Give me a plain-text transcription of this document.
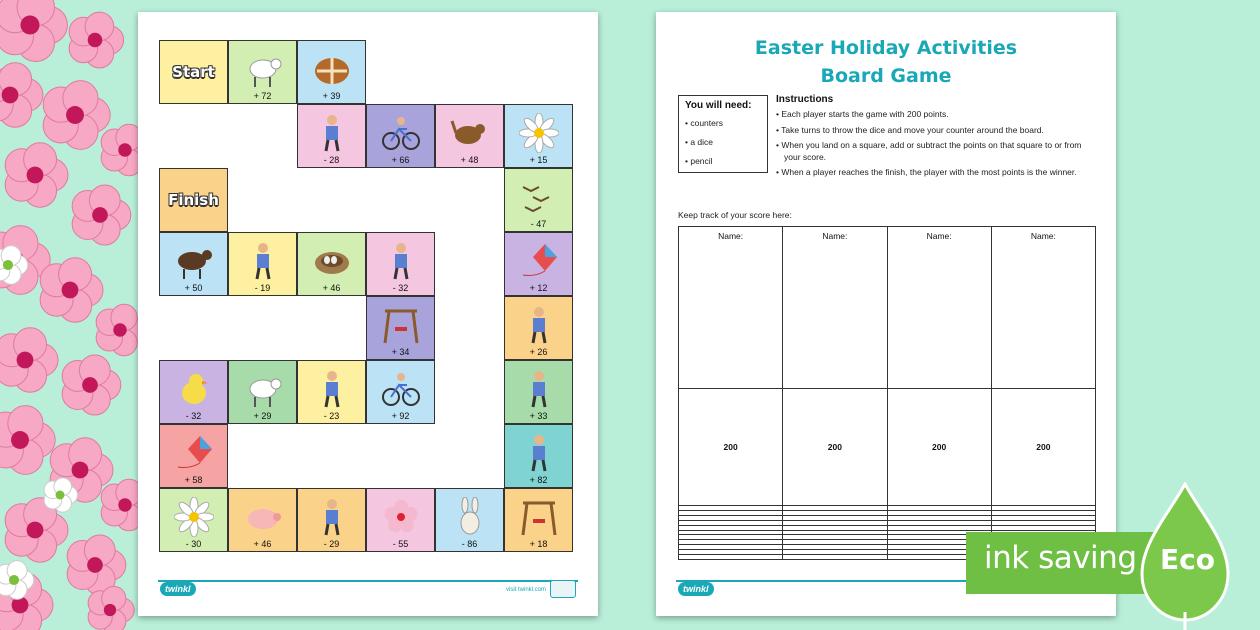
Start
Finish
+ 72	+ 39
- 28	+ 66	+ 48	+ 15
- 47
+ 12
+ 26
+ 33
+ 82
+ 18
- 86
- 55
- 29
+ 46
- 30
+ 58
- 32	+ 29	- 23	+ 92
+ 34
- 32
+ 46
- 19
+ 50
twinkl	visit twinkl.com
Easter Holiday Activities
Board Game
You will need:
• counters
• a dice
• pencil
Instructions
• Each player starts the game with 200 points.
• Take turns to throw the dice and move your counter around the board.
• When you land on a square, add or subtract the points on that square to or from your score.
• When a player reaches the finish, the player with the most points is the winner.
Keep track of your score here:
Name:	Name:	Name:	Name:
200	200	200	200

twinkl
ink saving Eco
